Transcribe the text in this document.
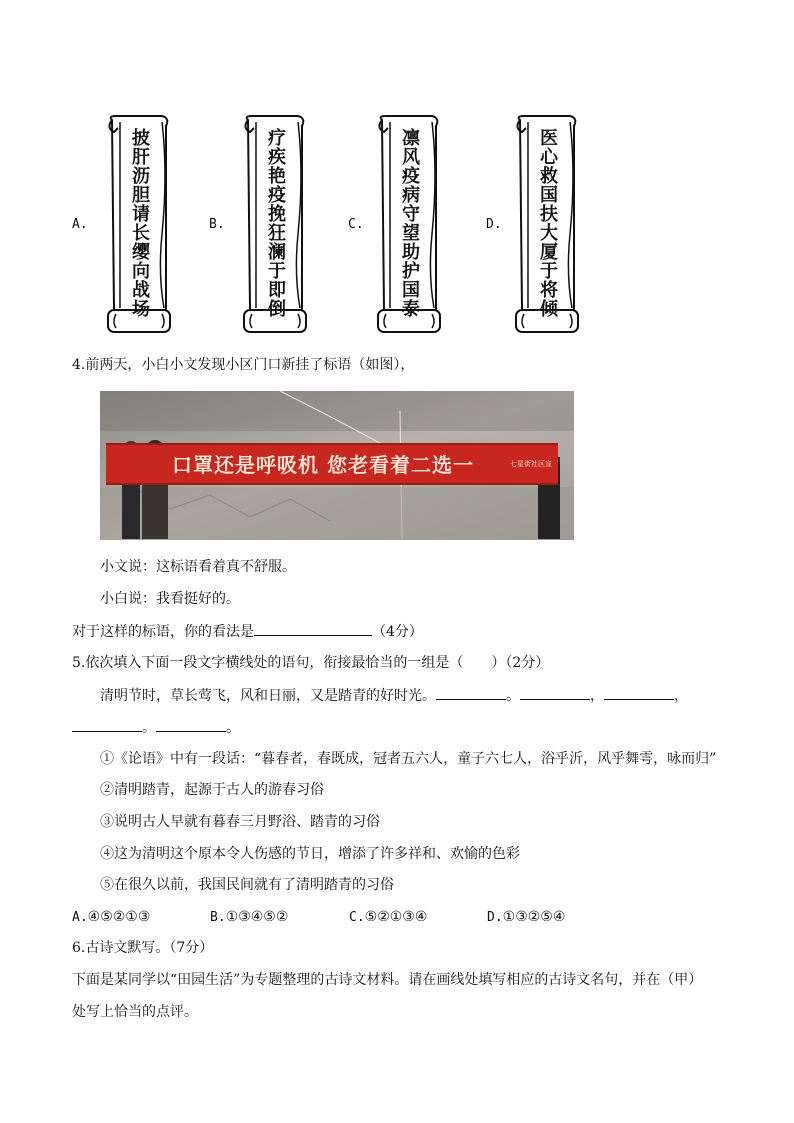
A.	披肝沥胆请长缨向战场	B.	疗疾艳疫挽狂澜于即倒	C.	凛风疫病守望助护国泰	D.	医心救国扶大厦于将倾
4.前两天，小白小文发现小区门口新挂了标语（如图），
口罩还是呼吸机 您老看着二选一	七星街社区宣
小文说：这标语看着真不舒服。
小白说：我看挺好的。
对于这样的标语，你的看法是	（4分）
5.依次填入下面一段文字横线处的语句，衔接最恰当的一组是（　　）（2分）
清明节时，草长莺飞，风和日丽，又是踏青的好时光。	。	，	，
。	。
①《论语》中有一段话：“暮春者，春既成，冠者五六人，童子六七人，浴乎沂，风乎舞雩，咏而归”
②清明踏青，起源于古人的游春习俗
③说明古人早就有暮春三月野浴、踏青的习俗
④这为清明这个原本令人伤感的节日，增添了许多祥和、欢愉的色彩
⑤在很久以前，我国民间就有了清明踏青的习俗
A.④⑤②①③	B.①③④⑤②	C.⑤②①③④	D.①③②⑤④
6.古诗文默写。（7分）
下面是某同学以“田园生活”为专题整理的古诗文材料。请在画线处填写相应的古诗文名句，并在（甲）
处写上恰当的点评。
